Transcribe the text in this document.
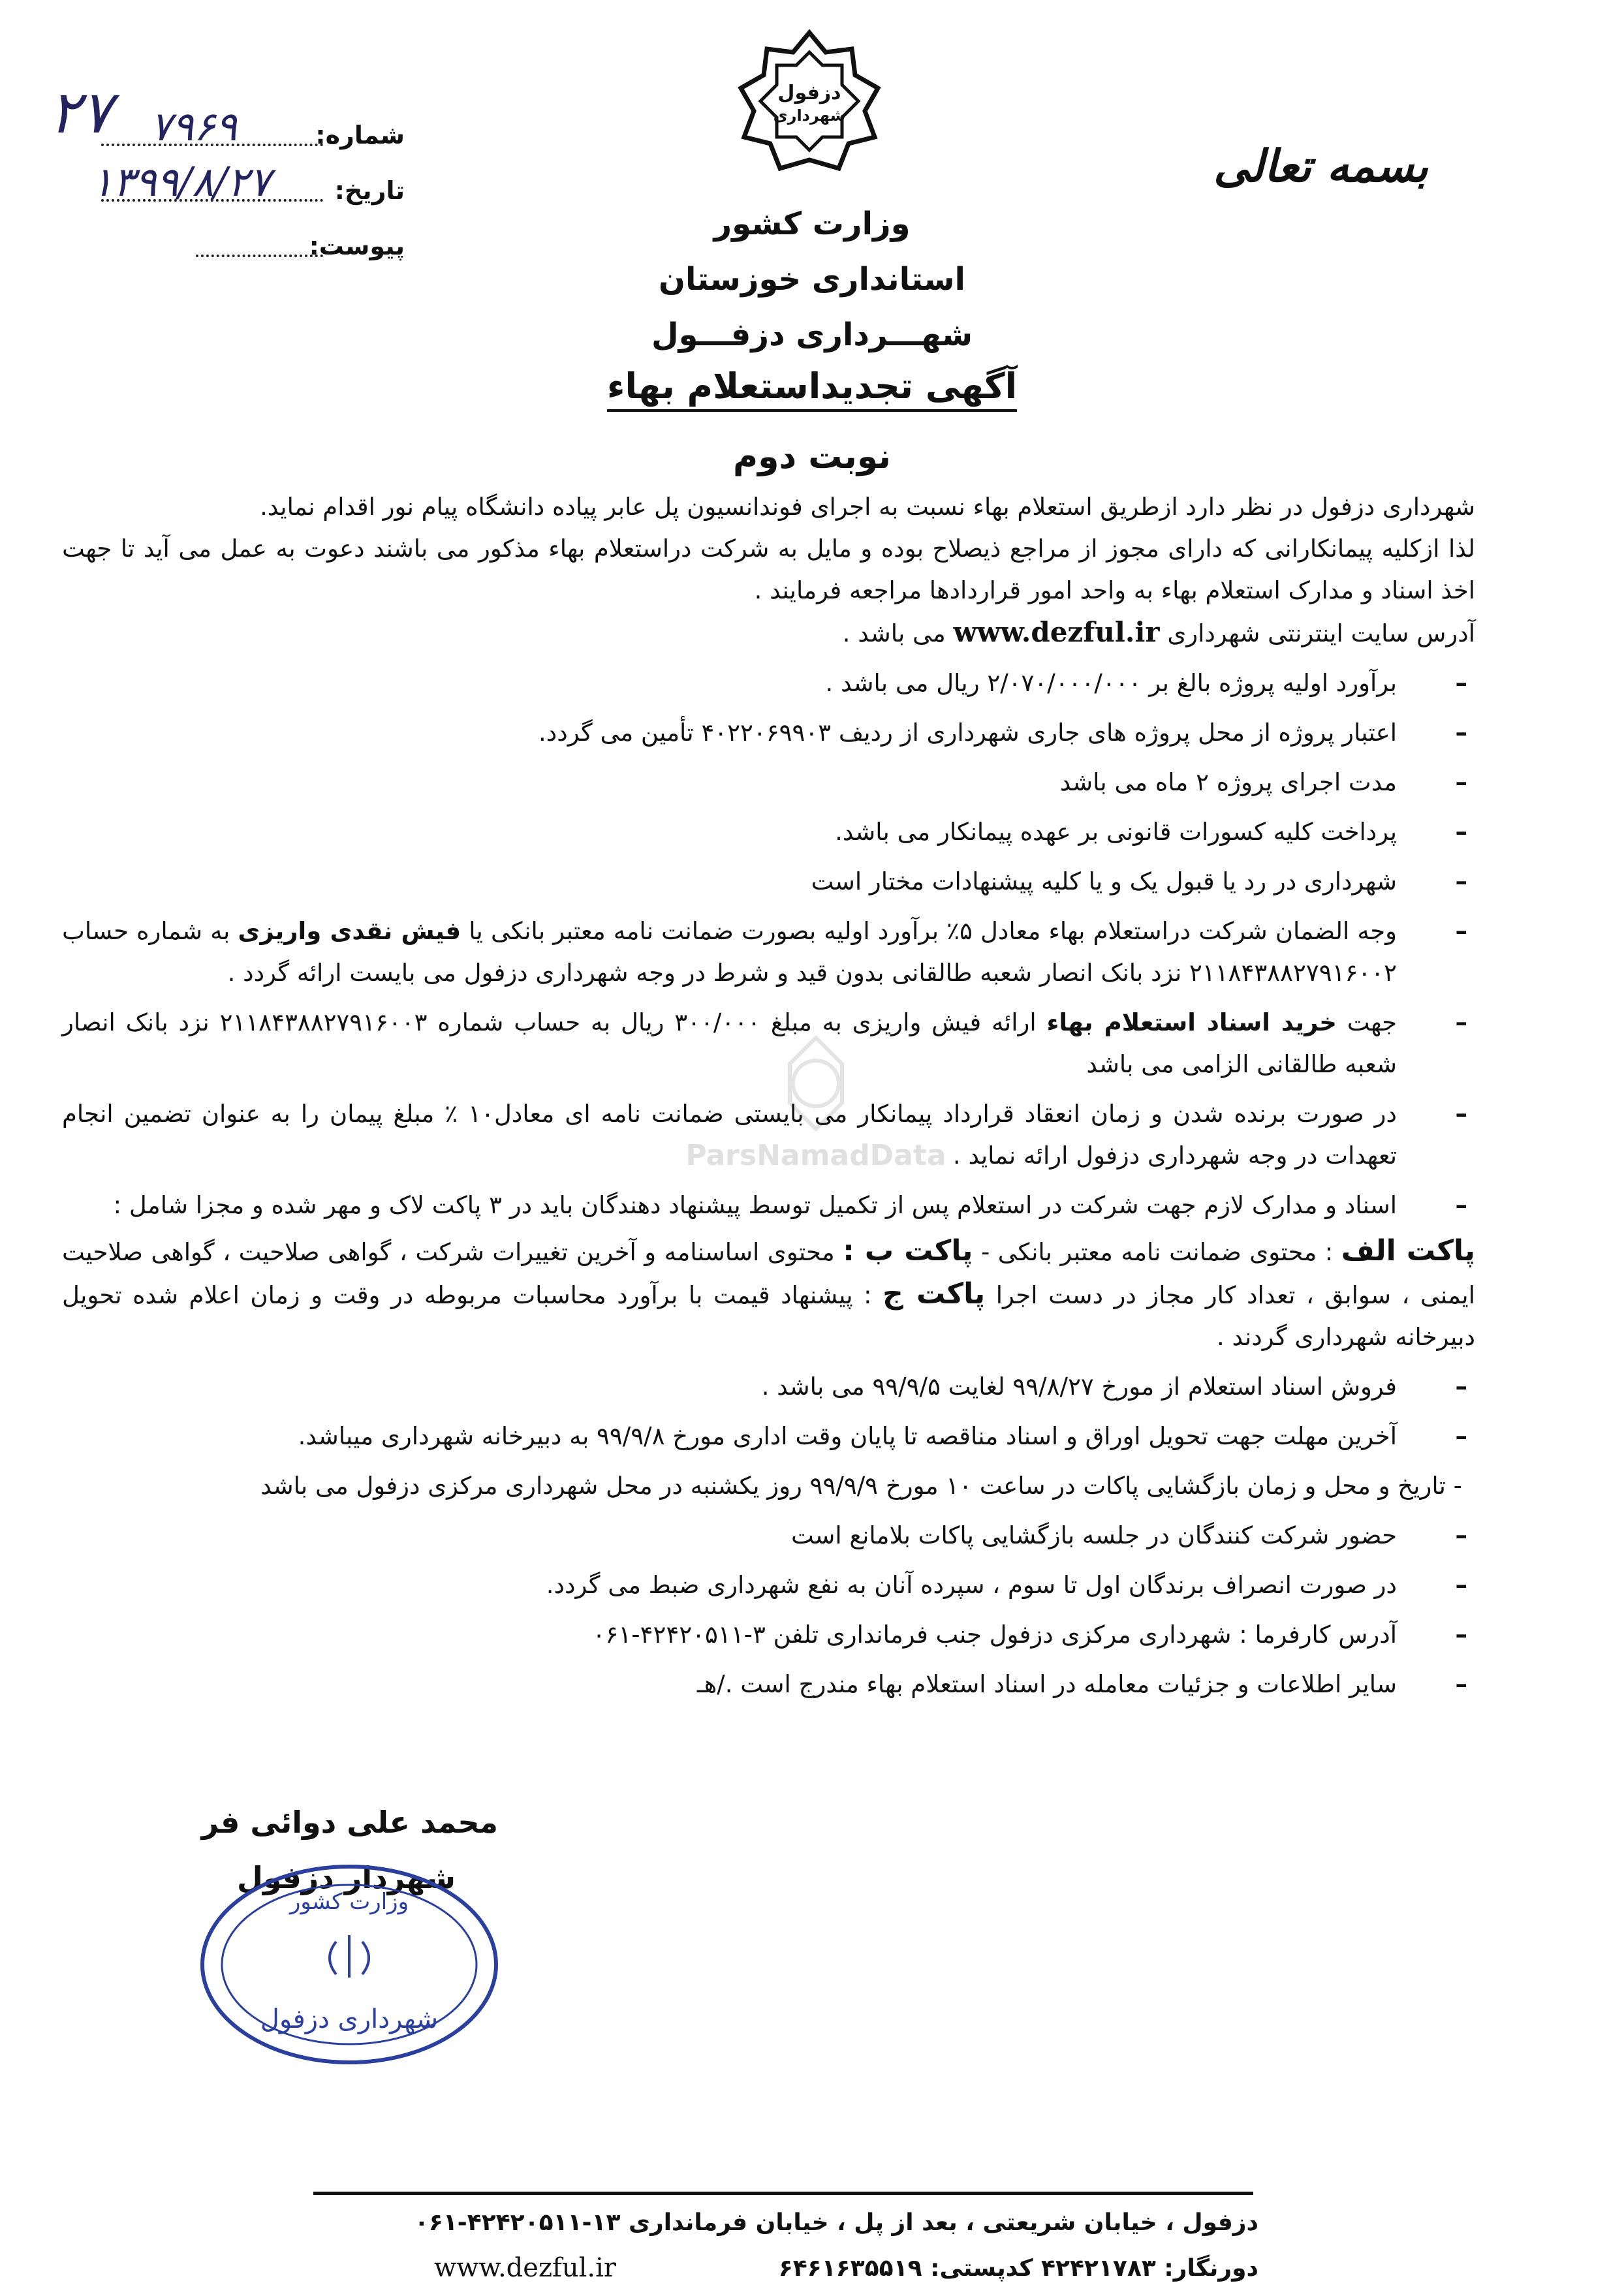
دزفول
شهرداری
بسمه تعالی
شماره:
۷۹۶۹
تاریخ:
۱۳۹۹/۸/۲۷
پیوست:
۲۷
وزارت کشور
استانداری خوزستان
شهـــرداری دزفـــول
آگهی تجدیداستعلام بهاء
نوبت دوم
ParsNamadData

شهرداری دزفول در نظر دارد ازطریق استعلام بهاء نسبت به اجرای فوندانسیون پل عابر پیاده دانشگاه پیام نور اقدام نماید.

لذا ازکلیه پیمانکارانی که دارای مجوز از مراجع ذیصلاح بوده و مایل به شرکت دراستعلام بهاء مذکور می باشند دعوت به عمل می آید تا جهت اخذ اسناد و مدارک استعلام بهاء به واحد امور قراردادها مراجعه فرمایند .

آدرس سایت اینترنتی شهرداری www.dezful.ir می باشد .

–
برآورد اولیه پروژه بالغ بر ۲/۰۷۰/۰۰۰/۰۰۰ ریال می باشد .

–
اعتبار پروژه از محل پروژه های جاری شهرداری از ردیف ۴۰۲۲۰۶۹۹۰۳ تأمین می گردد.

–
مدت اجرای پروژه ۲ ماه می باشد

–
پرداخت کلیه کسورات قانونی بر عهده پیمانکار می باشد.

–
شهرداری در رد یا قبول یک و یا کلیه پیشنهادات مختار است

–
وجه الضمان شرکت دراستعلام بهاء معادل ۵٪ برآورد اولیه بصورت ضمانت نامه معتبر بانکی یا فیش نقدی واریزی به شماره حساب ۲۱۱۸۴۳۸۸۲۷۹۱۶۰۰۲ نزد بانک انصار شعبه طالقانی بدون قید و شرط در وجه شهرداری دزفول می بایست ارائه گردد .

–
جهت خرید اسناد استعلام بهاء ارائه فیش واریزی به مبلغ ۳۰۰/۰۰۰ ریال به حساب شماره ۲۱۱۸۴۳۸۸۲۷۹۱۶۰۰۳ نزد بانک انصار شعبه طالقانی الزامی می باشد

–
در صورت برنده شدن و زمان انعقاد قرارداد پیمانکار می بایستی ضمانت نامه ای معادل۱۰ ٪ مبلغ پیمان را به عنوان تضمین انجام تعهدات در وجه شهرداری دزفول ارائه نماید .

–
اسناد و مدارک لازم جهت شرکت در استعلام پس از تکمیل توسط پیشنهاد دهندگان باید در ۳ پاکت لاک و مهر شده و مجزا شامل :

پاکت الف : محتوی ضمانت نامه معتبر بانکی - پاکت ب : محتوی اساسنامه و آخرین تغییرات شرکت ، گواهی صلاحیت ، گواهی صلاحیت ایمنی ، سوابق ، تعداد کار مجاز در دست اجرا پاکت ج : پیشنهاد قیمت با برآورد محاسبات مربوطه در وقت و زمان اعلام شده تحویل دبیرخانه شهرداری گردند .

–
فروش اسناد استعلام از مورخ ۹۹/۸/۲۷ لغایت ۹۹/۹/۵ می باشد .

–
آخرین مهلت جهت تحویل اوراق و اسناد مناقصه تا پایان وقت اداری مورخ ۹۹/۹/۸ به دبیرخانه شهرداری میباشد.

- تاریخ و محل و زمان بازگشایی پاکات در ساعت ۱۰ مورخ ۹۹/۹/۹ روز یکشنبه در محل شهرداری مرکزی دزفول می باشد

–
حضور شرکت کنندگان در جلسه بازگشایی پاکات بلامانع است

–
در صورت انصراف برندگان اول تا سوم ، سپرده آنان به نفع شهرداری ضبط می گردد.

–
آدرس کارفرما : شهرداری مرکزی دزفول جنب فرمانداری تلفن ۳-۴۲۴۲۰۵۱۱-۰۶۱

–
سایر اطلاعات و جزئیات معامله در اسناد استعلام بهاء مندرج است ./هـ

محمد علی دوائی فر
شهردار دزفول
وزارت کشور
شهرداری دزفول
دزفول ، خیابان شریعتی ، بعد از پل ، خیابان فرمانداری ۱۳-۴۲۴۲۰۵۱۱-۰۶۱
دورنگار: ۴۲۴۲۱۷۸۳ کدپستی: ۶۴۶۱۶۳۵۵۱۹
www.dezful.ir
